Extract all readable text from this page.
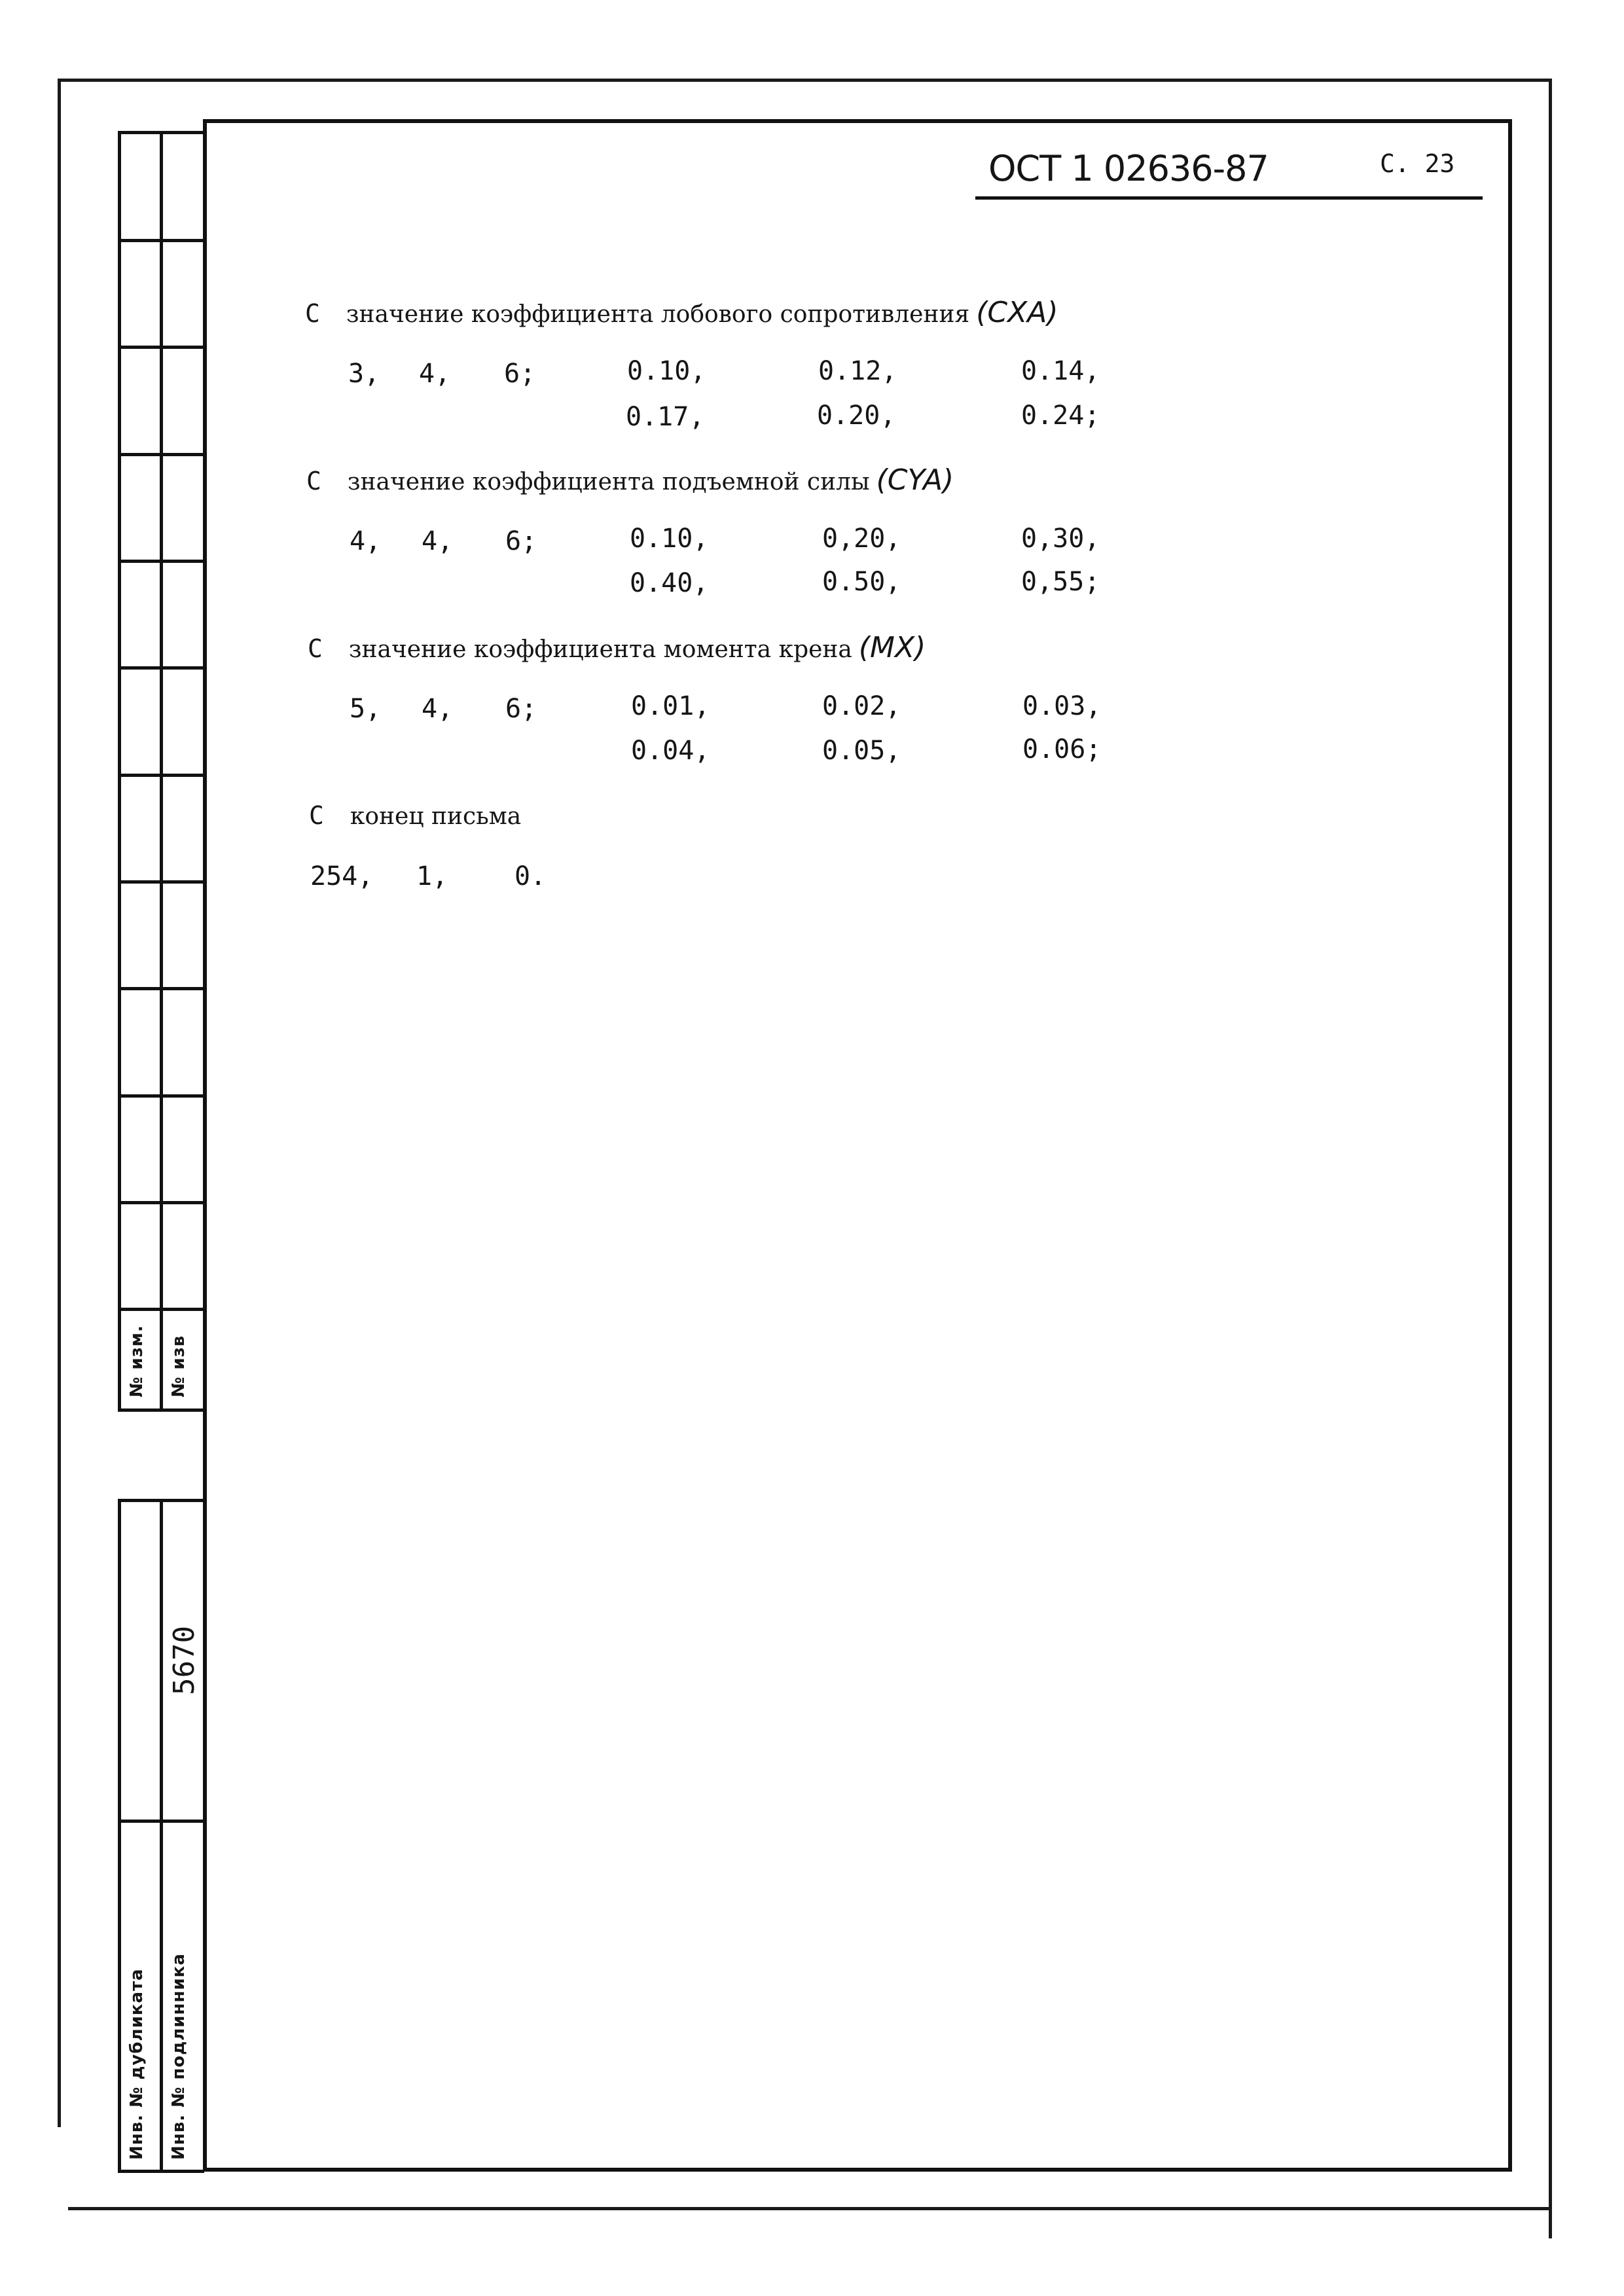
№ изм. № изв
5670
Инв. № дубликата Инв. № подлинника
ОСТ 1 02636-87	С. 23
С значение коэффициента лобового сопротивления (CXA)
3, 4, 6;	0.10,	0.12,	0.14,
0.17,	0.20,	0.24;
С значение коэффициента подъемной силы (CYA)
4, 4, 6;	0.10,	0,20,	0,30,
0.40,	0.50,	0,55;
С значение коэффициента момента крена (MX)
5, 4, 6;	0.01,	0.02,	0.03,
0.04,	0.05,	0.06;
С конец письма
254, 1,	0.
